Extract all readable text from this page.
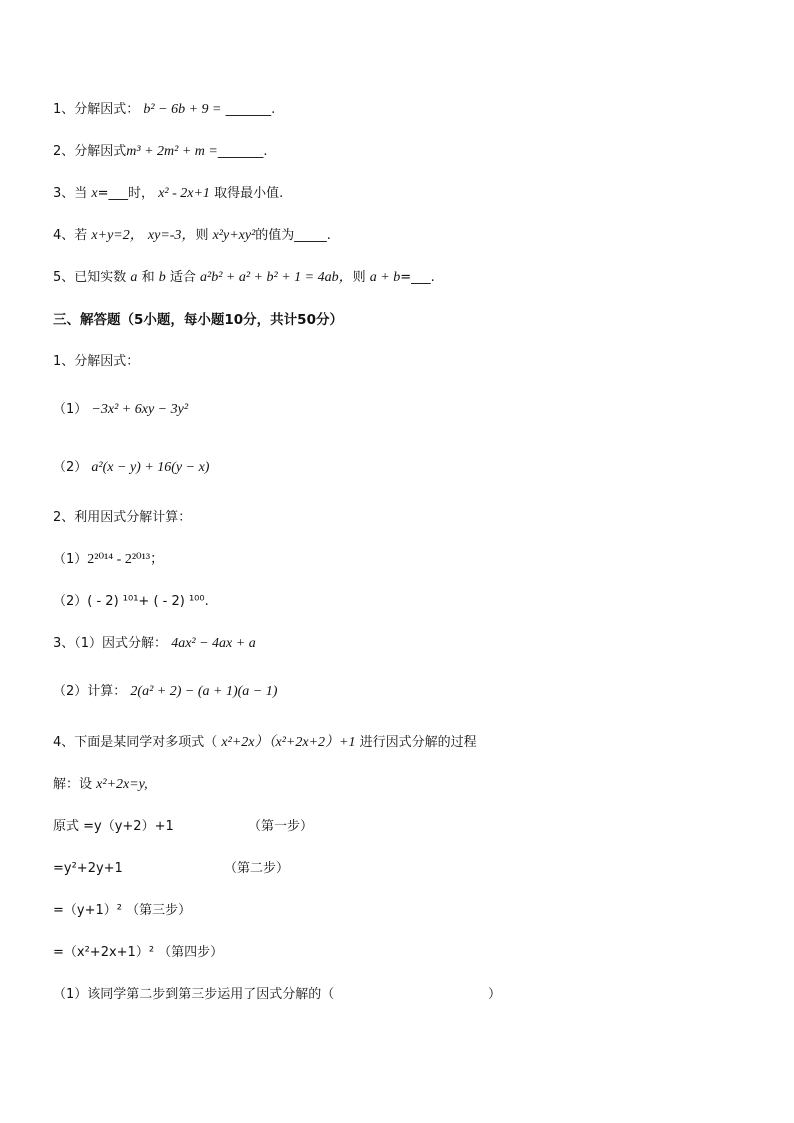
1、分解因式： b² − 6b + 9 = _______.
2、分解因式m³ + 2m² + m =_______.
3、当 x=___时， x² - 2x+1 取得最小值.
4、若 x+y=2， xy=-3，则 x²y+xy²的值为_____.
5、已知实数 a 和 b 适合 a²b² + a² + b² + 1 = 4ab，则 a + b=___.
三、解答题（5小题，每小题10分，共计50分）
1、分解因式：
（1） −3x² + 6xy − 3y²
（2） a²(x − y) + 16(y − x)
2、利用因式分解计算：
（1）2²⁰¹⁴ - 2²⁰¹³；
（2）( - 2) ¹⁰¹+ ( - 2) ¹⁰⁰.
3、（1）因式分解： 4ax² − 4ax + a
（2）计算： 2(a² + 2) − (a + 1)(a − 1)
4、下面是某同学对多项式（ x²+2x）（x²+2x+2）+1 进行因式分解的过程
解：设 x²+2x=y,
原式 =y（y+2）+1	（第一步）
=y²+2y+1	（第二步）
=（y+1）² （第三步）
=（x²+2x+1）² （第四步）
（1）该同学第二步到第三步运用了因式分解的（	）
